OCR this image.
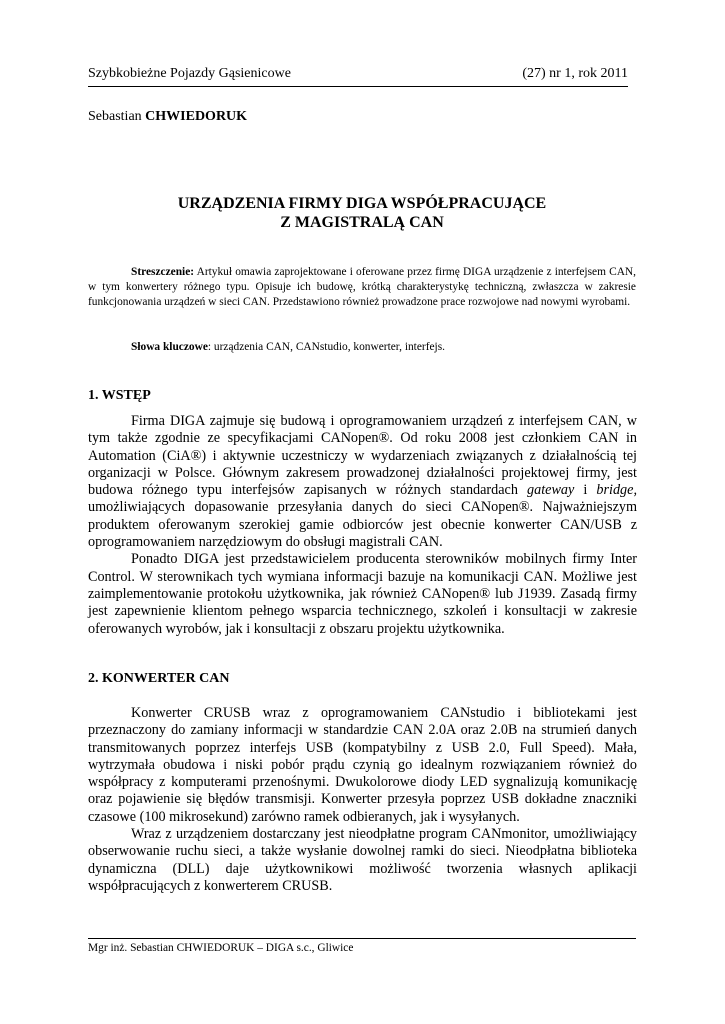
Szybkobieżne Pojazdy Gąsienicowe	(27) nr 1, rok 2011
Sebastian CHWIEDORUK
URZĄDZENIA FIRMY DIGA WSPÓŁPRACUJĄCE
Z MAGISTRALĄ CAN
Streszczenie: Artykuł omawia zaprojektowane i oferowane przez firmę DIGA urządzenie z interfejsem CAN, w tym konwertery różnego typu. Opisuje ich budowę, krótką charakterystykę techniczną, zwłaszcza w zakresie funkcjonowania urządzeń w sieci CAN. Przedstawiono również prowadzone prace rozwojowe nad nowymi wyrobami.
Słowa kluczowe: urządzenia CAN, CANstudio, konwerter, interfejs.
1. WSTĘP

Firma DIGA zajmuje się budową i oprogramowaniem urządzeń z interfejsem CAN, w tym także zgodnie ze specyfikacjami CANopen®. Od roku 2008 jest członkiem CAN in Automation (CiA®) i aktywnie uczestniczy w wydarzeniach związanych z działalnością tej organizacji w Polsce. Głównym zakresem prowadzonej działalności projektowej firmy, jest budowa różnego typu interfejsów zapisanych w różnych standardach gateway i bridge, umożliwiających dopasowanie przesyłania danych do sieci CANopen®. Najważniejszym produktem oferowanym szerokiej gamie odbiorców jest obecnie konwerter CAN/USB z oprogramowaniem narzędziowym do obsługi magistrali CAN.

Ponadto DIGA jest przedstawicielem producenta sterowników mobilnych firmy Inter Control. W sterownikach tych wymiana informacji bazuje na komunikacji CAN. Możliwe jest zaimplementowanie protokołu użytkownika, jak również CANopen® lub J1939. Zasadą firmy jest zapewnienie klientom pełnego wsparcia technicznego, szkoleń i konsultacji w zakresie oferowanych wyrobów, jak i konsultacji z obszaru projektu użytkownika.

2. KONWERTER CAN

Konwerter CRUSB wraz z oprogramowaniem CANstudio i bibliotekami jest przeznaczony do zamiany informacji w standardzie CAN 2.0A oraz 2.0B na strumień danych transmitowanych poprzez interfejs USB (kompatybilny z USB 2.0, Full Speed). Mała, wytrzymała obudowa i niski pobór prądu czynią go idealnym rozwiązaniem również do współpracy z komputerami przenośnymi. Dwukolorowe diody LED sygnalizują komunikację oraz pojawienie się błędów transmisji. Konwerter przesyła poprzez USB dokładne znaczniki czasowe (100 mikrosekund) zarówno ramek odbieranych, jak i wysyłanych.

Wraz z urządzeniem dostarczany jest nieodpłatne program CANmonitor, umożliwiający obserwowanie ruchu sieci, a także wysłanie dowolnej ramki do sieci. Nieodpłatna biblioteka dynamiczna (DLL) daje użytkownikowi możliwość tworzenia własnych aplikacji współpracujących z konwerterem CRUSB.

Mgr inż. Sebastian CHWIEDORUK – DIGA s.c., Gliwice
